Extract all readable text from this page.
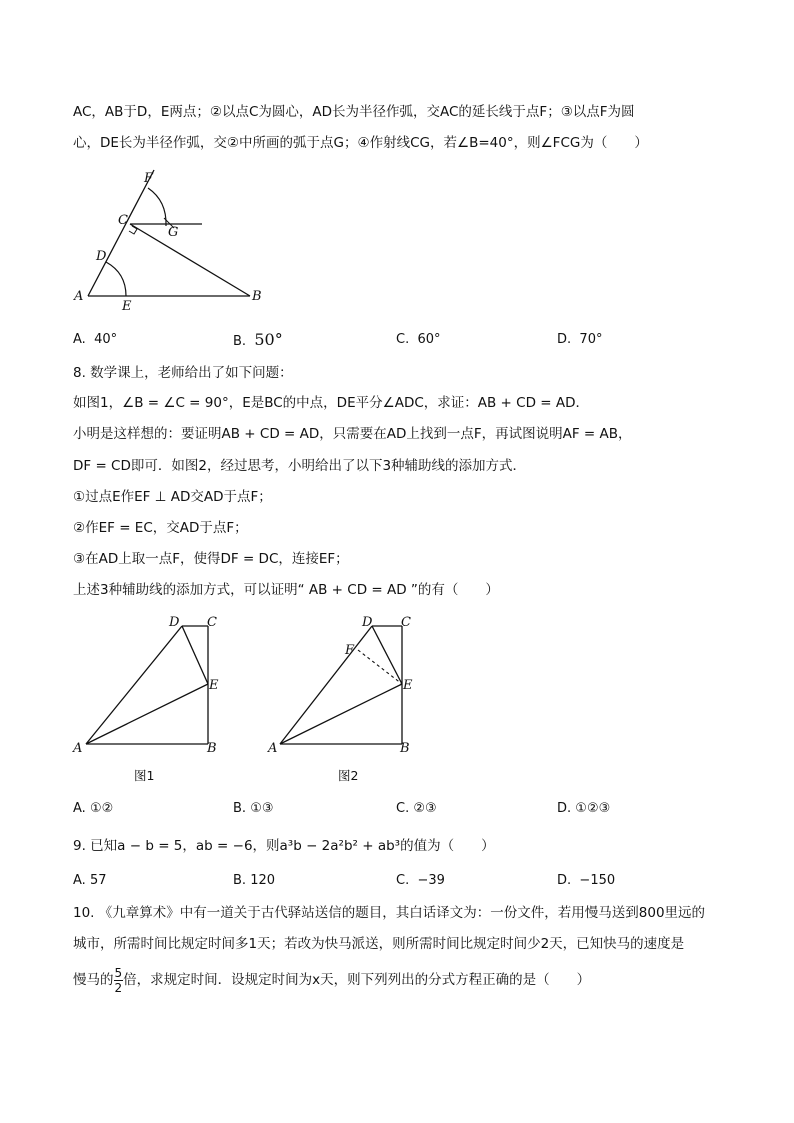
AC，AB于D，E两点；②以点C为圆心，AD长为半径作弧，交AC的延长线于点F；③以点F为圆
心，DE长为半径作弧，交②中所画的弧于点G；④作射线CG，若∠B=40°，则∠FCG为（　　）
F
C
G
D
A
E
B
A. 40°	B. 50°	C. 60°	D. 70°
8. 数学课上，老师给出了如下问题：
如图1，∠B = ∠C = 90°，E是BC的中点，DE平分∠ADC，求证：AB + CD = AD．
小明是这样想的：要证明AB + CD = AD，只需要在AD上找到一点F，再试图说明AF = AB，
DF = CD即可．如图2，经过思考，小明给出了以下3种辅助线的添加方式．
①过点E作EF ⊥ AD交AD于点F；
②作EF = EC，交AD于点F；
③在AD上取一点F，使得DF = DC，连接EF；
上述3种辅助线的添加方式，可以证明“ AB + CD = AD ”的有（　　）
D C
E
A	B
图1
D C
F
E
A	B
图2
A. ①②	B. ①③	C. ②③	D. ①②③
9. 已知a − b = 5，ab = −6，则a³b − 2a²b² + ab³的值为（　　）
A. 57	B. 120	C. −39	D. −150
10. 《九章算术》中有一道关于古代驿站送信的题目，其白话译文为：一份文件，若用慢马送到800里远的
城市，所需时间比规定时间多1天；若改为快马派送，则所需时间比规定时间少2天，已知快马的速度是
慢马的 $\frac{5}{2}$ 倍，求规定时间．设规定时间为x天，则下列列出的分式方程正确的是（　　）
